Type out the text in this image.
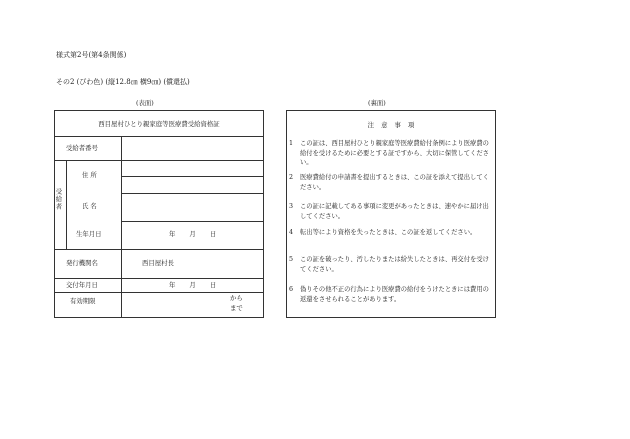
様式第2号(第4条関係)
その2 (びわ色) (縦12.8㎝ 横9㎝) (償還払)
(表面)	(裏面)
西目屋村ひとり親家庭等医療費受給資格証
受給者
受給者番号
住 所
氏 名
生年月日
発行機関名
交付年月日
有効期限
年 月 日
西目屋村長
年 月 日
から
まで
注 意 事 項
1 この証は、西目屋村ひとり親家庭等医療費給付条例により医療費の給付を受けるために必要とする証ですから、大切に保管してください。
2 医療費給付の申請書を提出するときは、この証を添えて提出してください。
3 この証に記載してある事項に変更があったときは、速やかに届け出してください。
4 転出等により資格を失ったときは、この証を返してください。
5 この証を破ったり、汚したりまたは紛失したときは、再交付を受けてください。
6 偽りその他不正の行為により医療費の給付をうけたときには費用の返還をさせられることがあります。
